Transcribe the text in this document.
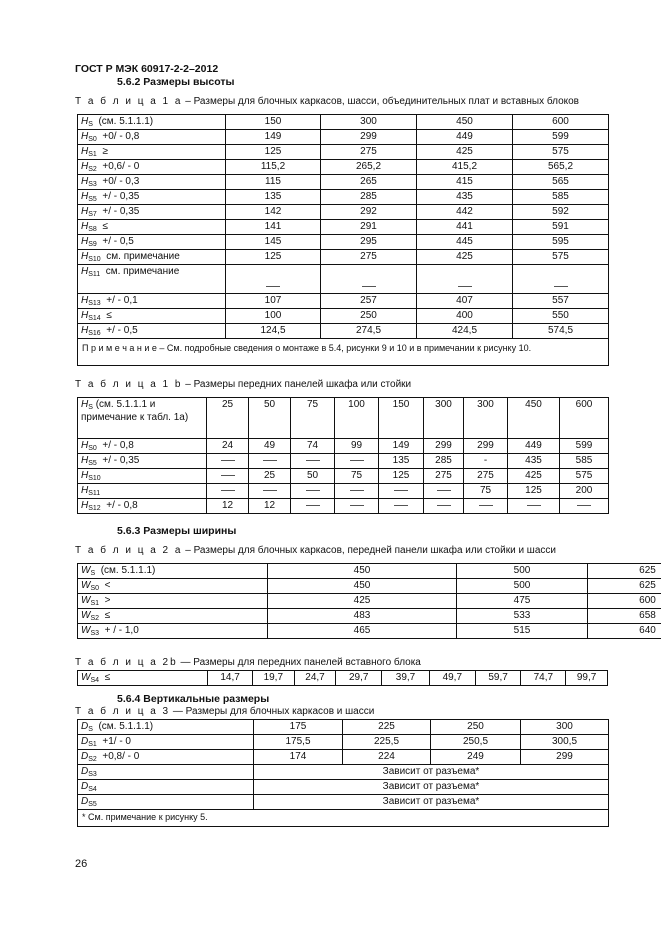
ГОСТ Р МЭК 60917-2-2–2012
5.6.2 Размеры высоты
Т а б л и ц а 1 а – Размеры для блочных каркасов, шасси, объединительных плат и вставных блоков
$H_S$ (см. 5.1.1.1)	150	300	450	600
$H_{S0} +0/ - 0,8$	149	299	449	599
$H_{S1}$ ≥	125	275	425	575
$H_{S2} +0,6/ - 0$	115,2	265,2	415,2	565,2
$H_{S3} +0/ - 0,3$	115	265	415	565
$H_{S5}$ +/ - 0,35	135	285	435	585
$H_{S7}$ +/ - 0,35	142	292	442	592
$H_{S8}$ ≤	141	291	441	591
$H_{S9}$ +/ - 0,5	145	295	445	595
$H_{S10}$ см. примечание	125	275	425	575
$H_{S11}$ см. примечание				
$H_{S13}$ +/ - 0,1	107	257	407	557
$H_{S14}$ ≤	100	250	400	550
$H_{S16}$ +/ - 0,5	124,5	274,5	424,5	574,5
П р и м е ч а н и е – См. подробные сведения о монтаже в 5.4, рисунки 9 и 10 и в примечании к рисунку 10.				
Т а б л и ц а 1 b – Размеры передних панелей шкафа или стойки
$H_S$ (см. 5.1.1.1 и примечание к табл. 1а)	25	50	75	100	150	300	300	450	600
$H_{S0}$ +/ - 0,8	24	49	74	99	149	299	299	449	599
$H_{S5}$ +/ - 0,35					135	285	-	435	585
$H_{S10}$		25	50	75	125	275	275	425	575
$H_{S11}$							75	125	200
$H_{S12}$ +/ - 0,8	12	12							
5.6.3 Размеры ширины
Т а б л и ц а 2 а – Размеры для блочных каркасов, передней панели шкафа или стойки и шасси
$W_S$ (см. 5.1.1.1)	450	500	625
$W_{S0}$ <	450	500	625
$W_{S1}$ >	425	475	600
$W_{S2}$ ≤	483	533	658
$W_{S3}$ + / - 1,0	465	515	640
Т а б л и ц а 2b — Размеры для передних панелей вставного блока
$W_{S4}$ ≤	14,7	19,7	24,7	29,7	39,7	49,7	59,7	74,7	99,7
5.6.4 Вертикальные размеры
Т а б л и ц а 3 — Размеры для блочных каркасов и шасси
$D_S$ (см. 5.1.1.1)	175	225	250	300
$D_{S1} +1/ - 0$	175,5	225,5	250,5	300,5
$D_{S2} +0,8/ - 0$	174	224	249	299
$D_{S3}$	Зависит от разъема*			
$D_{S4}$	Зависит от разъема*			
$D_{S5}$	Зависит от разъема*			
* См. примечание к рисунку 5.				
26
